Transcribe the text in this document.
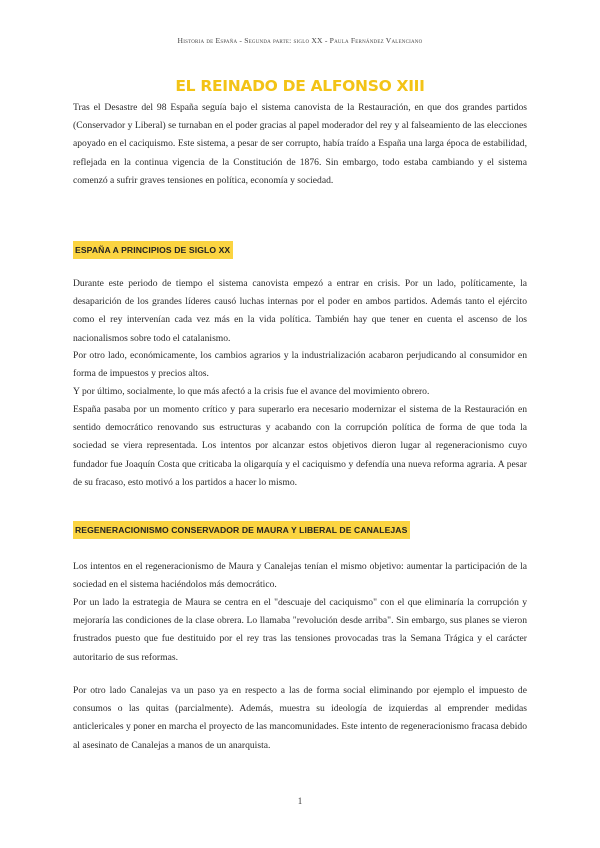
Historia de España - Segunda parte: siglo XX - Paula Fernández Valenciano
EL REINADO DE ALFONSO XIII

Tras el Desastre del 98 España seguía bajo el sistema canovista de la Restauración, en que dos grandes partidos (Conservador y Liberal) se turnaban en el poder gracias al papel moderador del rey y al falseamiento de las elecciones apoyado en el caciquismo. Este sistema, a pesar de ser corrupto, había traído a España una larga época de estabilidad, reflejada en la continua vigencia de la Constitución de 1876. Sin embargo, todo estaba cambiando y el sistema comenzó a sufrir graves tensiones en política, economía y sociedad.

ESPAÑA A PRINCIPIOS DE SIGLO XX

Durante este periodo de tiempo el sistema canovista empezó a entrar en crisis. Por un lado, políticamente, la desaparición de los grandes líderes causó luchas internas por el poder en ambos partidos. Además tanto el ejército como el rey intervenían cada vez más en la vida política. También hay que tener en cuenta el ascenso de los nacionalismos sobre todo el catalanismo.

Por otro lado, económicamente, los cambios agrarios y la industrialización acabaron perjudicando al consumidor en forma de impuestos y precios altos.

Y por último, socialmente, lo que más afectó a la crisis fue el avance del movimiento obrero.

España pasaba por un momento crítico y para superarlo era necesario modernizar el sistema de la Restauración en sentido democrático renovando sus estructuras y acabando con la corrupción política de forma de que toda la sociedad se viera representada. Los intentos por alcanzar estos objetivos dieron lugar al regeneracionismo cuyo fundador fue Joaquín Costa que criticaba la oligarquía y el caciquismo y defendía una nueva reforma agraria. A pesar de su fracaso, esto motivó a los partidos a hacer lo mismo.

REGENERACIONISMO CONSERVADOR DE MAURA Y LIBERAL DE CANALEJAS

Los intentos en el regeneracionismo de Maura y Canalejas tenían el mismo objetivo: aumentar la participación de la sociedad en el sistema haciéndolos más democrático.

Por un lado la estrategia de Maura se centra en el "descuaje del caciquismo" con el que eliminaría la corrupción y mejoraría las condiciones de la clase obrera. Lo llamaba "revolución desde arriba". Sin embargo, sus planes se vieron frustrados puesto que fue destituido por el rey tras las tensiones provocadas tras la Semana Trágica y el carácter autoritario de sus reformas.

Por otro lado Canalejas va un paso ya en respecto a las de forma social eliminando por ejemplo el impuesto de consumos o las quitas (parcialmente). Además, muestra su ideología de izquierdas al emprender medidas anticlericales y poner en marcha el proyecto de las mancomunidades. Este intento de regeneracionismo fracasa debido al asesinato de Canalejas a manos de un anarquista.

1
